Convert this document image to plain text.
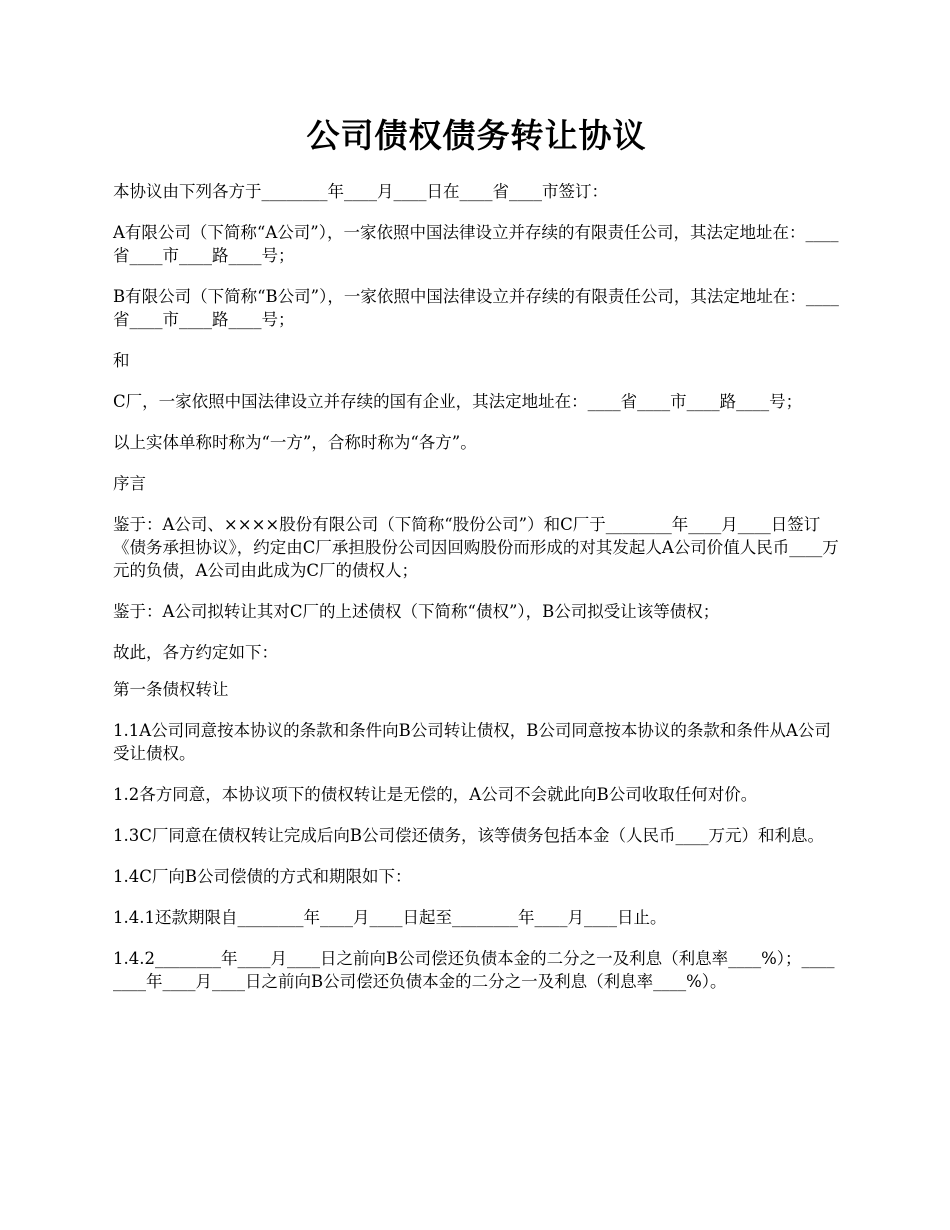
公司债权债务转让协议

本协议由下列各方于________年____月____日在____省____市签订：

A有限公司（下简称“A公司”），一家依照中国法律设立并存续的有限责任公司，其法定地址在：____省____市____路____号；

B有限公司（下简称“B公司”），一家依照中国法律设立并存续的有限责任公司，其法定地址在：____省____市____路____号；

和

C厂，一家依照中国法律设立并存续的国有企业，其法定地址在：____省____市____路____号；

以上实体单称时称为“一方”，合称时称为“各方”。

序言

鉴于：A公司、××××股份有限公司（下简称“股份公司”）和C厂于________年____月____日签订《债务承担协议》，约定由C厂承担股份公司因回购股份而形成的对其发起人A公司价值人民币____万元的负债，A公司由此成为C厂的债权人；

鉴于：A公司拟转让其对C厂的上述债权（下简称“债权”），B公司拟受让该等债权；

故此，各方约定如下：

第一条债权转让

1.1A公司同意按本协议的条款和条件向B公司转让债权，B公司同意按本协议的条款和条件从A公司受让债权。

1.2各方同意，本协议项下的债权转让是无偿的，A公司不会就此向B公司收取任何对价。

1.3C厂同意在债权转让完成后向B公司偿还债务，该等债务包括本金（人民币____万元）和利息。

1.4C厂向B公司偿债的方式和期限如下：

1.4.1还款期限自________年____月____日起至________年____月____日止。

1.4.2________年____月____日之前向B公司偿还负债本金的二分之一及利息（利息率____%）；________年____月____日之前向B公司偿还负债本金的二分之一及利息（利息率____%）。
